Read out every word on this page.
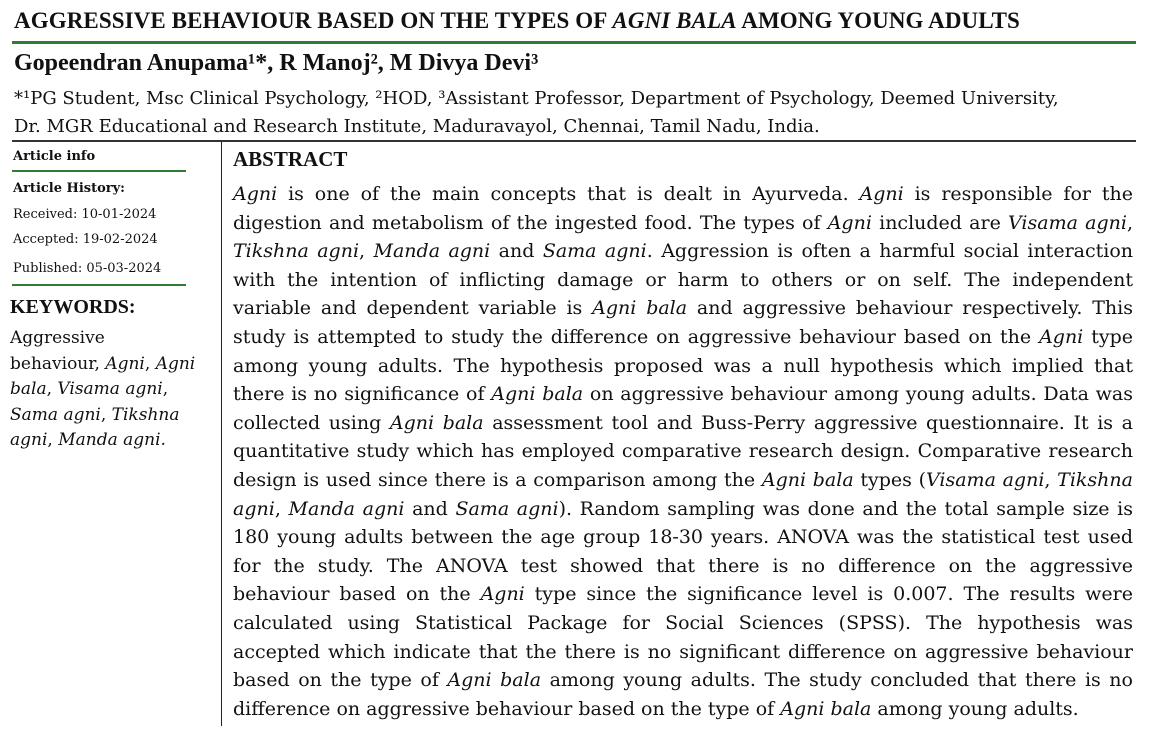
AGGRESSIVE BEHAVIOUR BASED ON THE TYPES OF AGNI BALA AMONG YOUNG ADULTS
Gopeendran Anupama¹*, R Manoj², M Divya Devi³
*¹PG Student, Msc Clinical Psychology, ²HOD, ³Assistant Professor, Department of Psychology, Deemed University,
Dr. MGR Educational and Research Institute, Maduravayol, Chennai, Tamil Nadu, India.
Article info
Article History:
Received: 10-01-2024
Accepted: 19-02-2024
Published: 05-03-2024
KEYWORDS:
Aggressive behaviour, Agni, Agni bala, Visama agni, Sama agni, Tikshna agni, Manda agni.
ABSTRACT
Agni is one of the main concepts that is dealt in Ayurveda. Agni is responsible for the digestion and metabolism of the ingested food. The types of Agni included are Visama agni, Tikshna agni, Manda agni and Sama agni. Aggression is often a harmful social interaction with the intention of inflicting damage or harm to others or on self. The independent variable and dependent variable is Agni bala and aggressive behaviour respectively. This study is attempted to study the difference on aggressive behaviour based on the Agni type among young adults. The hypothesis proposed was a null hypothesis which implied that there is no significance of Agni bala on aggressive behaviour among young adults. Data was collected using Agni bala assessment tool and Buss-Perry aggressive questionnaire. It is a quantitative study which has employed comparative research design. Comparative research design is used since there is a comparison among the Agni bala types (Visama agni, Tikshna agni, Manda agni and Sama agni). Random sampling was done and the total sample size is 180 young adults between the age group 18-30 years. ANOVA was the statistical test used for the study. The ANOVA test showed that there is no difference on the aggressive behaviour based on the Agni type since the significance level is 0.007. The results were calculated using Statistical Package for Social Sciences (SPSS). The hypothesis was accepted which indicate that the there is no significant difference on aggressive behaviour based on the type of Agni bala among young adults. The study concluded that there is no difference on aggressive behaviour based on the type of Agni bala among young adults.
